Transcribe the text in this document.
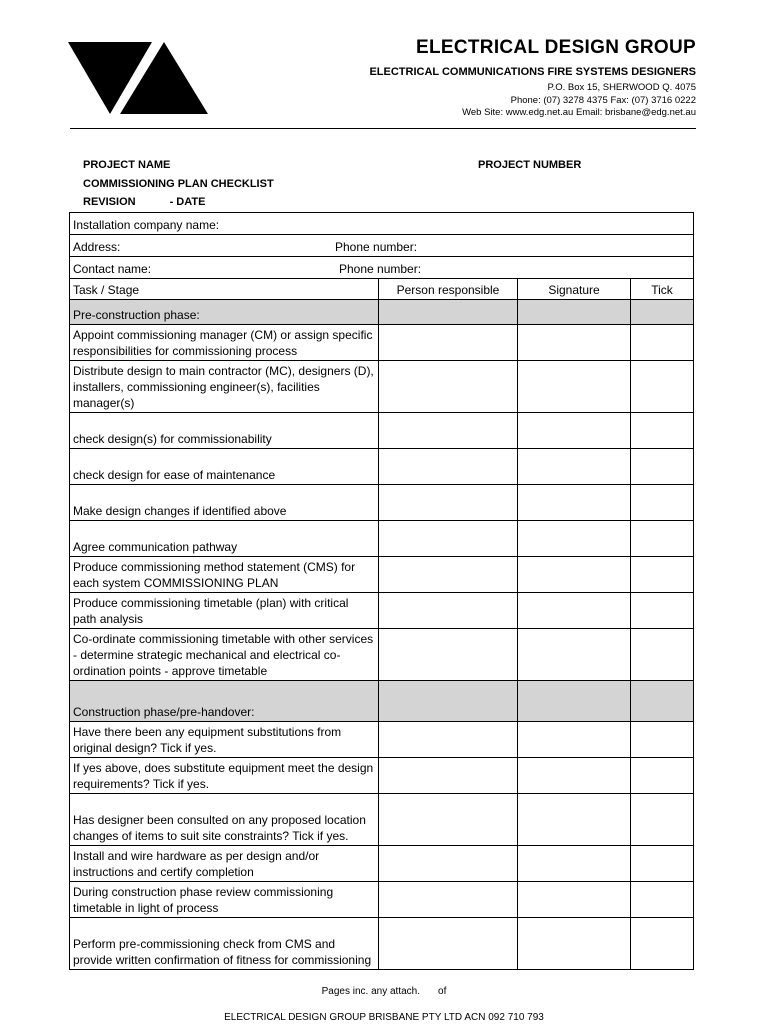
ELECTRICAL DESIGN GROUP
ELECTRICAL COMMUNICATIONS FIRE SYSTEMS DESIGNERS
P.O. Box 15, SHERWOOD Q. 4075
Phone: (07) 3278 4375 Fax: (07) 3716 0222
Web Site: www.edg.net.au Email: brisbane@edg.net.au
PROJECT NAME	PROJECT NUMBER
COMMISSIONING PLAN CHECKLIST
REVISION	- DATE
Installation company name:			
Address: Phone number:			
Contact name: Phone number:			
Task / Stage	Person responsible	Signature	Tick
Pre-construction phase:			
Appoint commissioning manager (CM) or assign specific responsibilities for commissioning process			
Distribute design to main contractor (MC), designers (D), installers, commissioning engineer(s), facilities manager(s)			
check design(s) for commissionability			
check design for ease of maintenance			
Make design changes if identified above			
Agree communication pathway			
Produce commissioning method statement (CMS) for each system COMMISSIONING PLAN			
Produce commissioning timetable (plan) with critical path analysis			
Co-ordinate commissioning timetable with other services - determine strategic mechanical and electrical co-ordination points - approve timetable			
Construction phase/pre-handover:			
Have there been any equipment substitutions from original design? Tick if yes.			
If yes above, does substitute equipment meet the design requirements? Tick if yes.			
Has designer been consulted on any proposed location changes of items to suit site constraints? Tick if yes.			
Install and wire hardware as per design and/or instructions and certify completion			
During construction phase review commissioning timetable in light of process			
Perform pre-commissioning check from CMS and provide written confirmation of fitness for commissioning			
Pages inc. any attach. of
ELECTRICAL DESIGN GROUP BRISBANE PTY LTD ACN 092 710 793
